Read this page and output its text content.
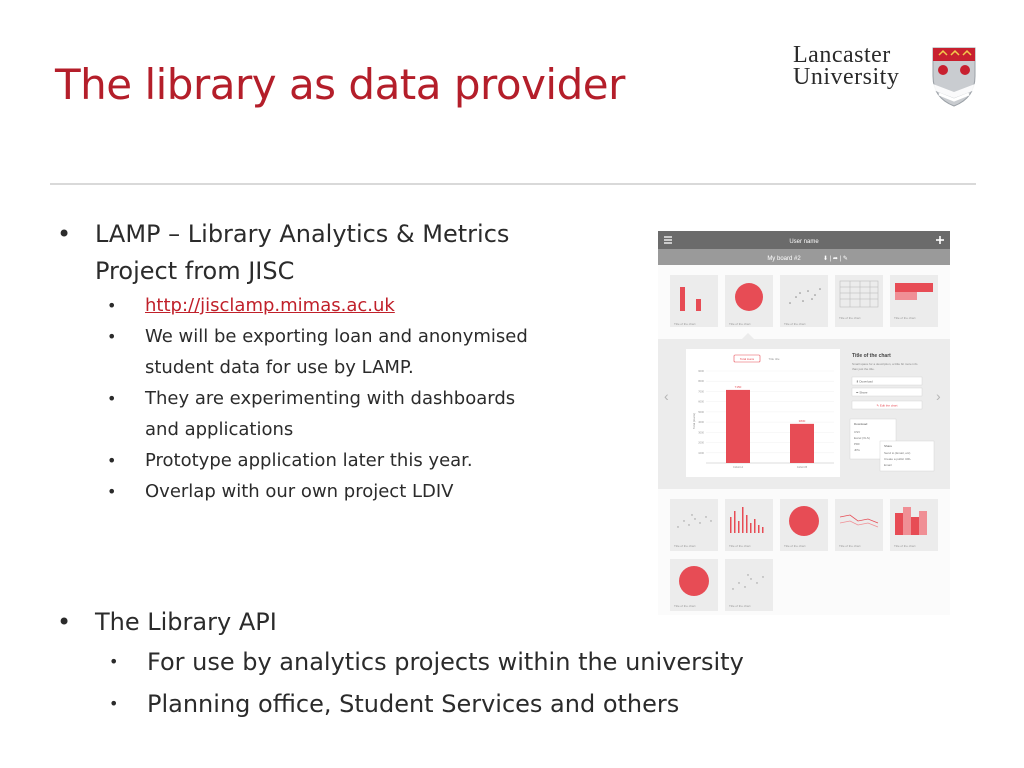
The library as data provider
Lancaster
University
• LAMP – Library Analytics & Metrics
Project from JISC
• http://jisclamp.mimas.ac.uk
• We will be exporting loan and anonymised
student data for use by LAMP.
• They are experimenting with dashboards
and applications
• Prototype application later this year.
• Overlap with our own project LDIV
• The Library API
• For use by analytics projects within the university
• Planning office, Student Services and others
User name
My board #2	⬇ | ➦ | ✎
Title of the chart	Title of the chart	Title of the chart
Title of the chart	Title of the chart
‹	›
Total loans	Title title
Total (loans)
9000
8000
7000
6000
5000
4000
3000
2000
1000
7150
Cohort A
3830
Cohort B
Title of the chart
Small space for a description, a little bit more info
than just the title.
⬇ Download
➦ Share
✎ Edit the chart
Download
CSV
Excel (XLS)
PDF
JPG
Share
Send to (Email, etc)
Create a public URL
Email
Title of the chart	Title of the chart	Title of the chart	Title of the chart	Title of the chart
Title of the chart	Title of the chart
